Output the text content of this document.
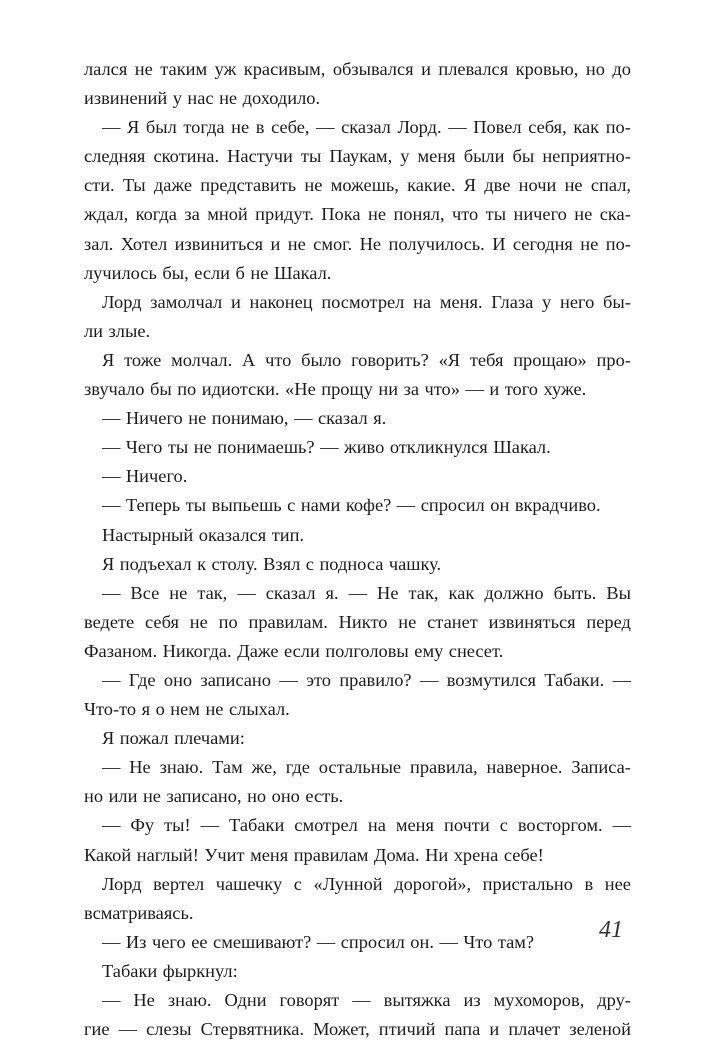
лался не таким уж красивым, обзывался и плевался кровью, но до
извинений у нас не доходило.
— Я был тогда не в себе, — сказал Лорд. — Повел себя, как по-
следняя скотина. Настучи ты Паукам, у меня были бы неприятно-
сти. Ты даже представить не можешь, какие. Я две ночи не спал,
ждал, когда за мной придут. Пока не понял, что ты ничего не ска-
зал. Хотел извиниться и не смог. Не получилось. И сегодня не по-
лучилось бы, если б не Шакал.
Лорд замолчал и наконец посмотрел на меня. Глаза у него бы-
ли злые.
Я тоже молчал. А что было говорить? «Я тебя прощаю» про-
звучало бы по идиотски. «Не прощу ни за что» — и того хуже.
— Ничего не понимаю, — сказал я.
— Чего ты не понимаешь? — живо откликнулся Шакал.
— Ничего.
— Теперь ты выпьешь с нами кофе? — спросил он вкрадчиво.
Настырный оказался тип.
Я подъехал к столу. Взял с подноса чашку.
— Все не так, — сказал я. — Не так, как должно быть. Вы
ведете себя не по правилам. Никто не станет извиняться перед
Фазаном. Никогда. Даже если полголовы ему снесет.
— Где оно записано — это правило? — возмутился Табаки. —
Что-то я о нем не слыхал.
Я пожал плечами:
— Не знаю. Там же, где остальные правила, наверное. Записа-
но или не записано, но оно есть.
— Фу ты! — Табаки смотрел на меня почти с восторгом. —
Какой наглый! Учит меня правилам Дома. Ни хрена себе!
Лорд вертел чашечку с «Лунной дорогой», пристально в нее
всматриваясь.
— Из чего ее смешивают? — спросил он. — Что там?
Табаки фыркнул:
— Не знаю. Одни говорят — вытяжка из мухоморов, дру-
гие — слезы Стервятника. Может, птичий папа и плачет зеленой
41
